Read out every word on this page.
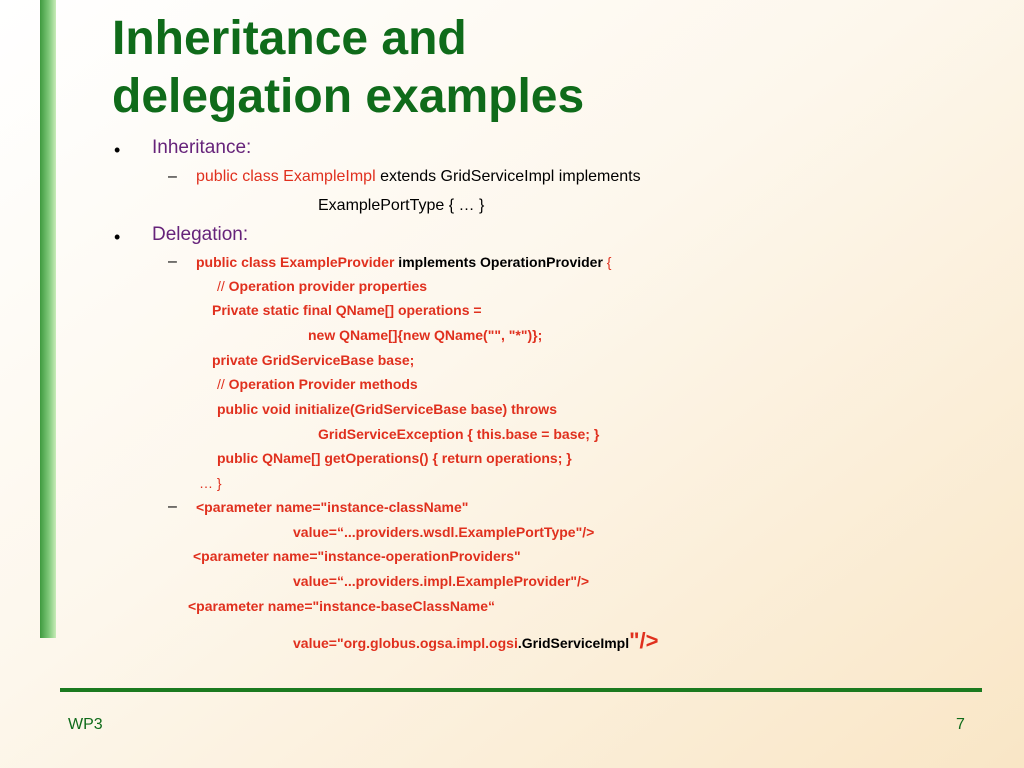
Inheritance and
delegation examples
• Inheritance:
– public class ExampleImpl extends GridServiceImpl implements
ExamplePortType { … }
• Delegation:
– public class ExampleProvider implements OperationProvider {
// Operation provider properties
Private static final QName[] operations =
new QName[]{new QName("", "*")};
private GridServiceBase base;
// Operation Provider methods
public void initialize(GridServiceBase base) throws
GridServiceException { this.base = base; }
public QName[] getOperations() { return operations; }
… }
– <parameter name="instance-className"
value=“...providers.wsdl.ExamplePortType"/>
<parameter name="instance-operationProviders"
value=“...providers.impl.ExampleProvider"/>
<parameter name="instance-baseClassName“
value="org.globus.ogsa.impl.ogsi.GridServiceImpl"/>
WP3	7
